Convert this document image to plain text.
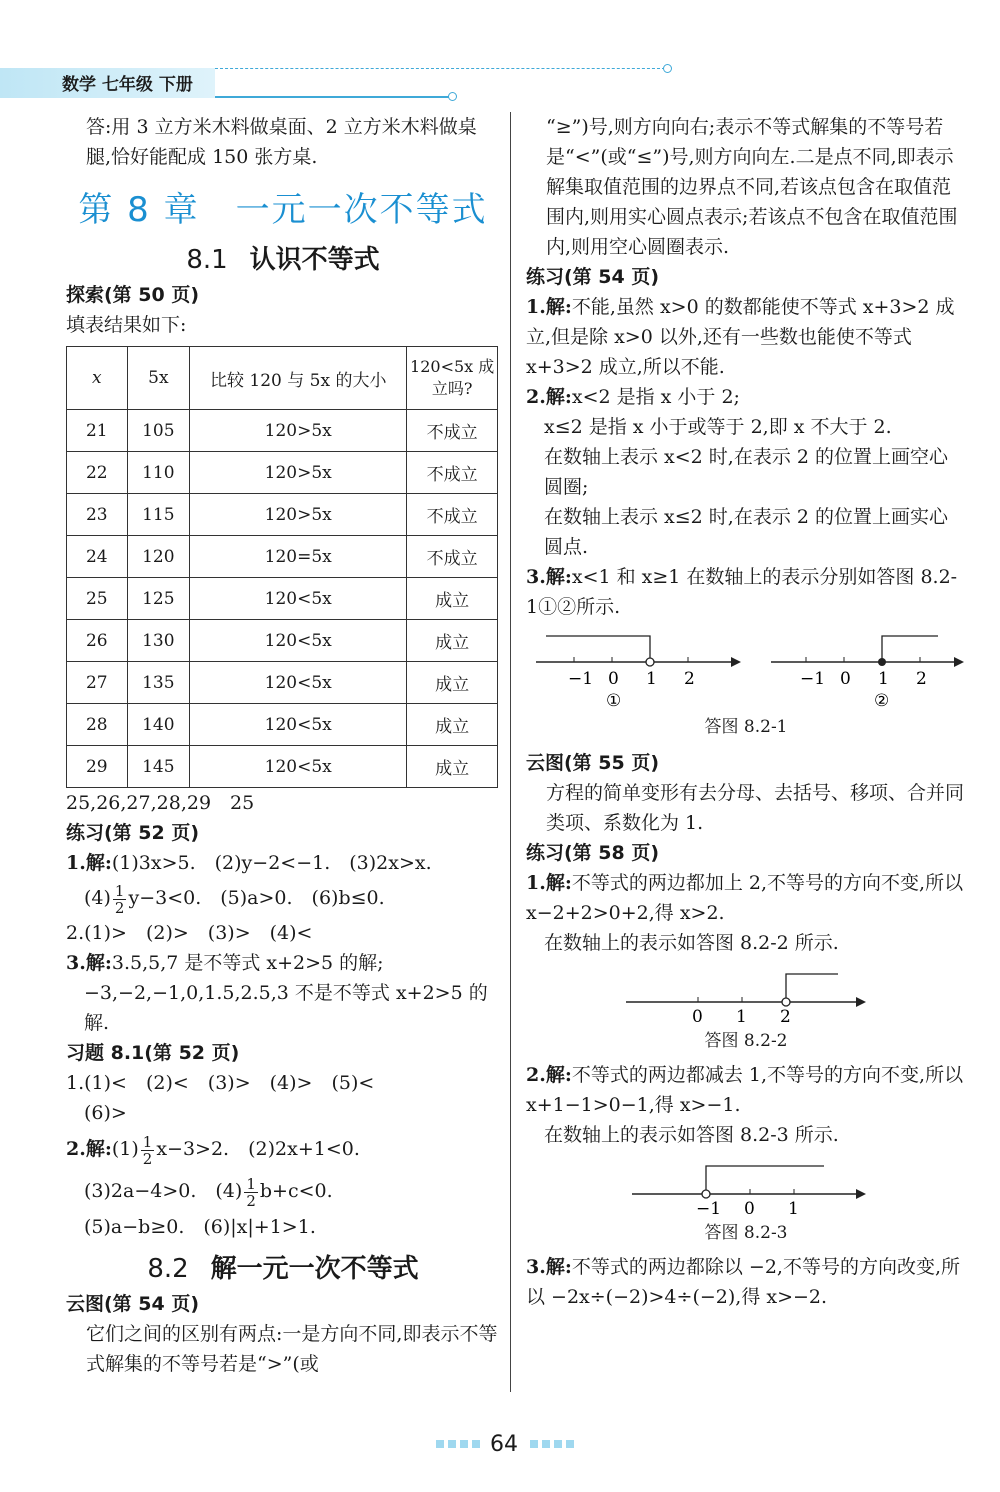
数学 七年级 下册

答:用 3 立方米木料做桌面、2 立方米木料做桌腿,恰好能配成 150 张方桌.

第 8 章　一元一次不等式
8.1 认识不等式

探索(第 50 页)

填表结果如下:

x	5x	比较 120 与 5x 的大小	120<5x 成立吗?
21	105	120>5x	不成立
22	110	120>5x	不成立
23	115	120>5x	不成立
24	120	120=5x	不成立
25	125	120<5x	成立
26	130	120<5x	成立
27	135	120<5x	成立
28	140	120<5x	成立
29	145	120<5x	成立

25,26,27,28,29　25

练习(第 52 页)

1.解:(1)3x>5.　(2)y−2<−1.　(3)2x>x.

$(4) \frac{1}{2} y-3<0$.　(5)a>0.　(6)b≤0.

2.(1)>　(2)>　(3)>　(4)<

3.解:3.5,5,7 是不等式 x+2>5 的解;

−3,−2,−1,0,1.5,2.5,3 不是不等式 x+2>5 的解.

习题 8.1(第 52 页)

1.(1)<　(2)<　(3)>　(4)>　(5)<

(6)>

2.解:(1) $\frac{1}{2} x-3>2$.　(2)2x+1<0.

(3)2a−4>0.　$(4) \frac{1}{2} b+c<0$.

(5)a−b≥0.　(6)|x|+1>1.

8.2 解一元一次不等式

云图(第 54 页)

它们之间的区别有两点:一是方向不同,即表示不等式解集的不等号若是“>”(或

“≥”)号,则方向向右;表示不等式解集的不等号若是“<”(或“≤”)号,则方向向左.二是点不同,即表示解集取值范围的边界点不同,若该点包含在取值范围内,则用实心圆点表示;若该点不包含在取值范围内,则用空心圆圈表示.

练习(第 54 页)

1.解:不能,虽然 x>0 的数都能使不等式 x+3>2 成立,但是除 x>0 以外,还有一些数也能使不等式 x+3>2 成立,所以不能.

2.解:x<2 是指 x 小于 2;

x≤2 是指 x 小于或等于 2,即 x 不大于 2.

在数轴上表示 x<2 时,在表示 2 的位置上画空心圆圈;

在数轴上表示 x≤2 时,在表示 2 的位置上画实心圆点.

3.解:x<1 和 x≥1 在数轴上的表示分别如答图 8.2-1①②所示.

−1 0 1 2
①
−1 0 1 2
②
答图 8.2-1

云图(第 55 页)

方程的简单变形有去分母、去括号、移项、合并同类项、系数化为 1.

练习(第 58 页)

1.解:不等式的两边都加上 2,不等号的方向不变,所以 x−2+2>0+2,得 x>2.

在数轴上的表示如答图 8.2-2 所示.

0 1 2
答图 8.2-2

2.解:不等式的两边都减去 1,不等号的方向不变,所以 x+1−1>0−1,得 x>−1.

在数轴上的表示如答图 8.2-3 所示.

−1 0 1
答图 8.2-3

3.解:不等式的两边都除以 −2,不等号的方向改变,所以 −2x÷(−2)>4÷(−2),得 x>−2.

64
